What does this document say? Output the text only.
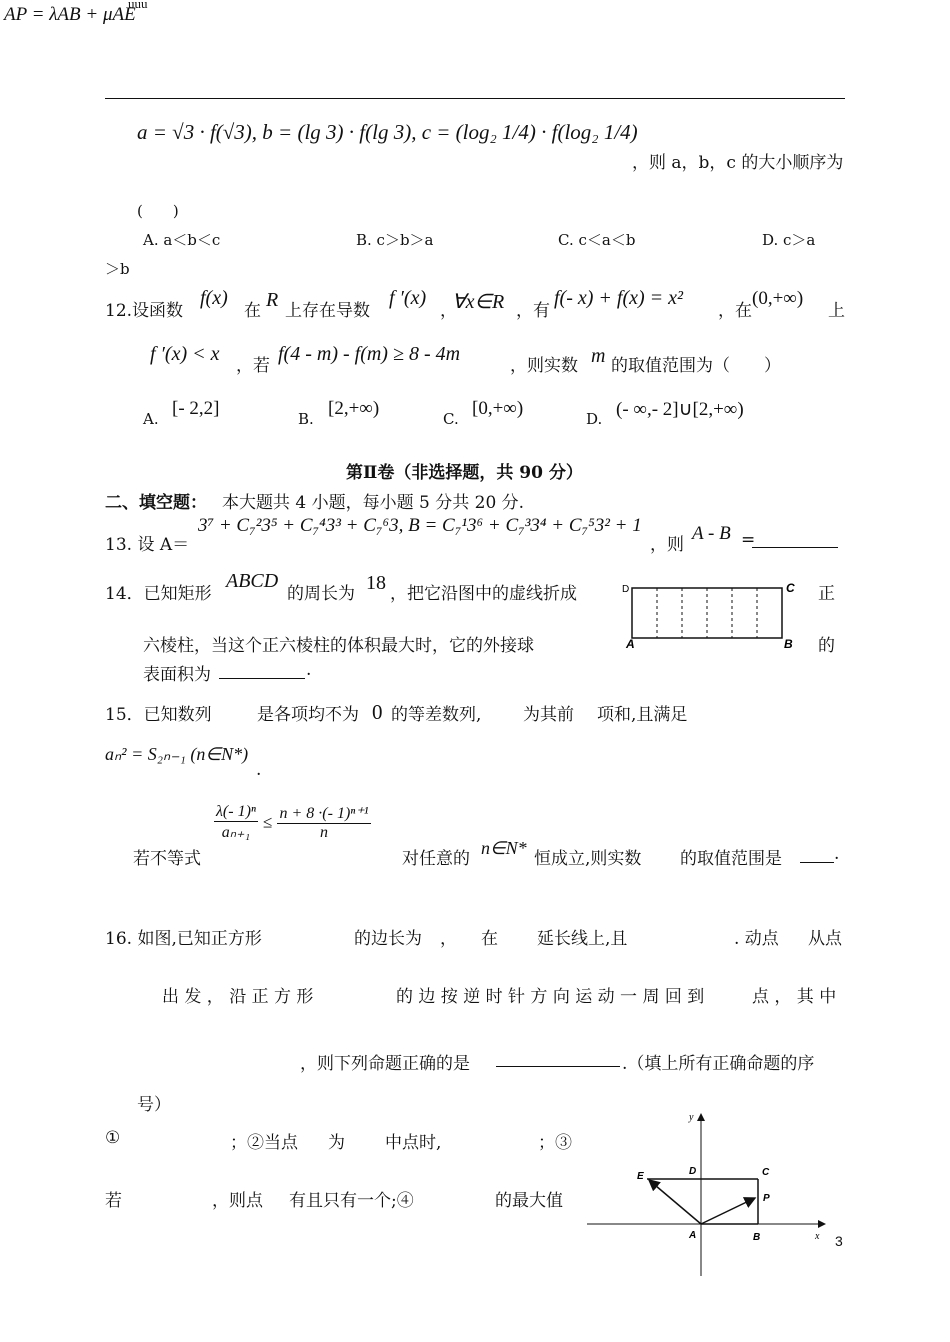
AP = λAB + μAE
uuu
a = √3 · f(√3), b = (lg 3) · f(lg 3), c = (log₂ 1/4) · f(log₂ 1/4)
，则 a，b，c 的大小顺序为
(　　)
A. a＜b＜c	B. c＞b＞a	C. c＜a＜b	D. c＞a
＞b
12.设函数
f(x)
在 R 上存在导数
f ′(x)
，
∀x∈R ，有
f(- x) + f(x) = x²
，在
(0,+∞)
上
f ′(x) < x
，若
f(4 - m) - f(m) ≥ 8 - 4m
，则实数 m 的取值范围为（　　）
A. [- 2,2]	B. [2,+∞)	C. [0,+∞)	D. (- ∞,- 2]∪[2,+∞)
第Ⅱ卷（非选择题，共 90 分）
二、填空题： 本大题共 4 小题，每小题 5 分共 20 分.
13. 设 A＝
3⁷ + C₇²3⁵ + C₇⁴3³ + C₇⁶3, B = C₇¹3⁶ + C₇³3⁴ + C₇⁵3² + 1
，则
A - B =
14．已知矩形
ABCD
的周长为 18 ，把它沿图中的虚线折成	正
六棱柱，当这个正六棱柱的体积最大时，它的外接球	的
表面积为	.
D	C
A	B
15．已知数列	是各项均不为 0 的等差数列, 为其前 项和,且满足
aₙ² = S₂ₙ₋₁ (n∈N*)
.
$\frac{\text{λ(- 1)ⁿ}}{\text{aₙ₊₁}} \le \frac{\text{n + 8 ·(- 1)ⁿ⁺¹}}{n}$
若不等式	对任意的
n∈N*
恒成立,则实数 的取值范围是	.
16. 如图,已知正方形	的边长为 ， 在 延长线上,且	. 动点 从点
出 发 ， 沿 正 方 形	的 边 按 逆 时 针 方 向 运 动 一 周 回 到	点 ， 其 中
，则下列命题正确的是	.（填上所有正确命题的序
号）
①	；②当点 为 中点时,	；③
若	，则点 有且只有一个;④	的最大值
y
x
E	D	C
P
A	B	3
